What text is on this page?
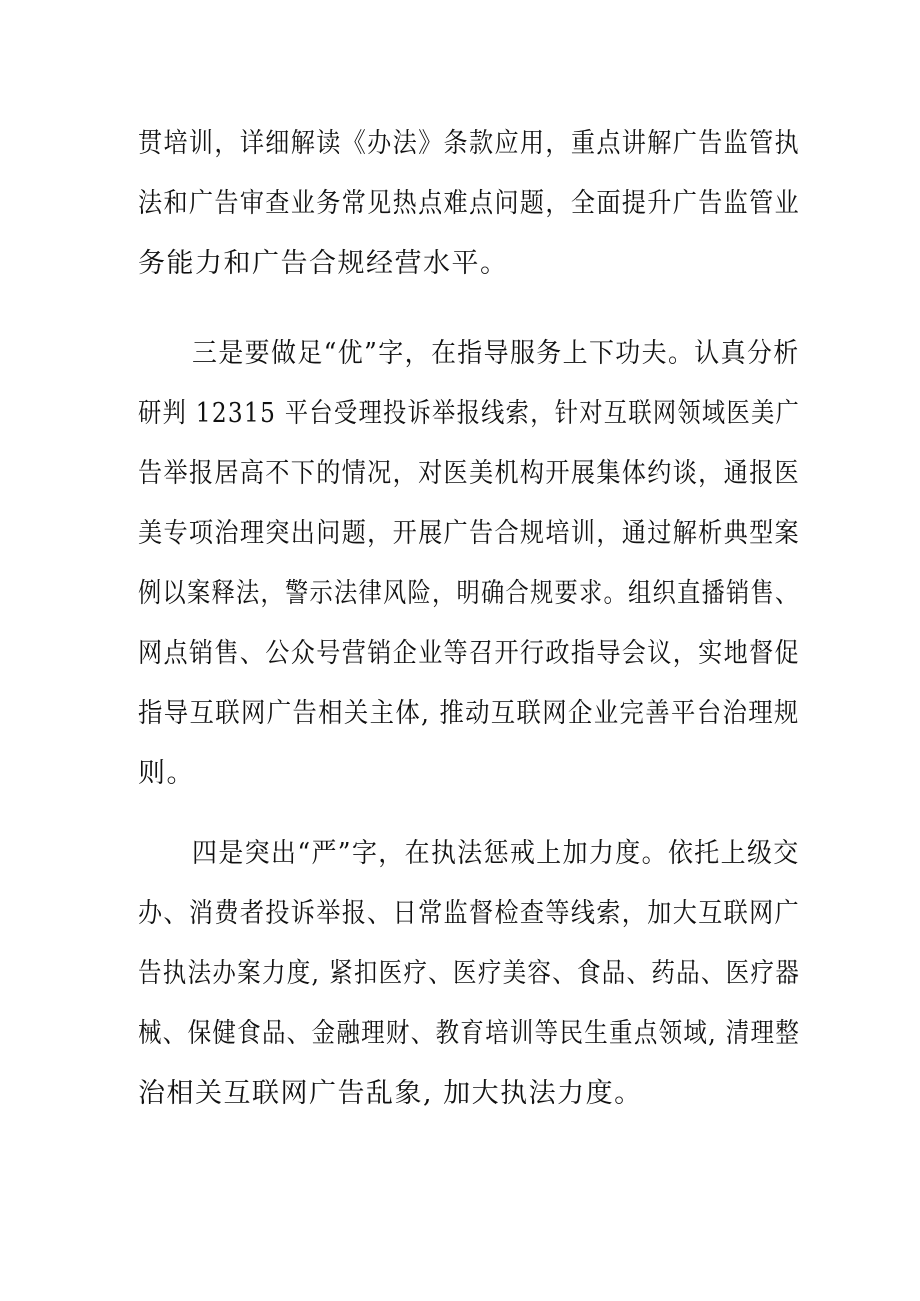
贯培训，详细解读《办法》条款应用，重点讲解广告监管执

法和广告审查业务常见热点难点问题，全面提升广告监管业

务能力和广告合规经营水平。

三是要做足“优”字，在指导服务上下功夫。认真分析

研判 12315 平台受理投诉举报线索，针对互联网领域医美广

告举报居高不下的情况，对医美机构开展集体约谈，通报医

美专项治理突出问题，开展广告合规培训，通过解析典型案

例以案释法，警示法律风险，明确合规要求。组织直播销售、

网点销售、公众号营销企业等召开行政指导会议，实地督促

指导互联网广告相关主体, 推动互联网企业完善平台治理规

则。

四是突出“严”字，在执法惩戒上加力度。依托上级交

办、消费者投诉举报、日常监督检查等线索，加大互联网广

告执法办案力度, 紧扣医疗、医疗美容、食品、药品、医疗器

械、保健食品、金融理财、教育培训等民生重点领域, 清理整

治相关互联网广告乱象, 加大执法力度。
